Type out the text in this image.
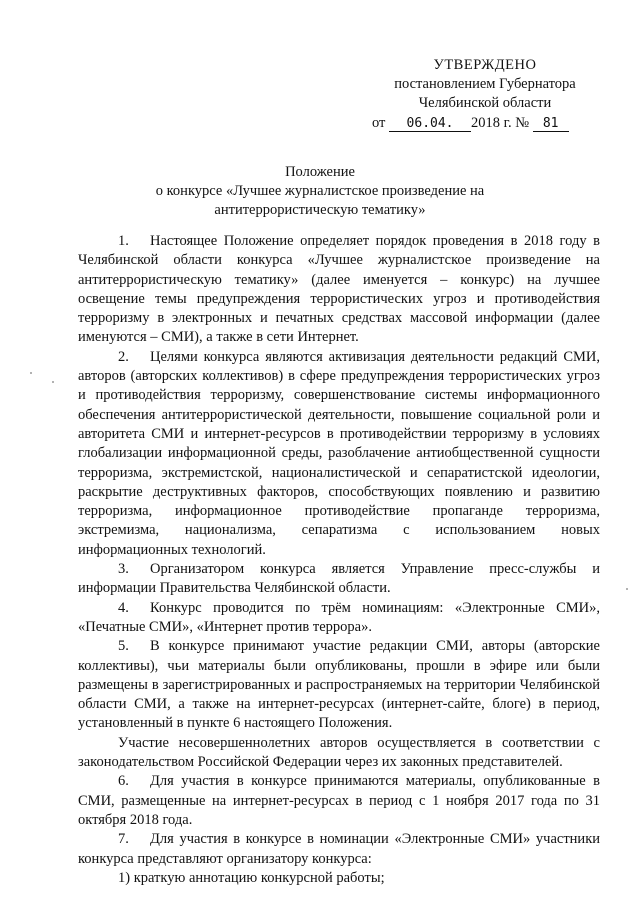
УТВЕРЖДЕНО
постановлением Губернатора
Челябинской области
от 06.04. 2018 г. № 81
Положение
о конкурсе «Лучшее журналистское произведение на
антитеррористическую тематику»

1. Настоящее Положение определяет порядок проведения в 2018 году в Челябинской области конкурса «Лучшее журналистское произведение на антитеррористическую тематику» (далее именуется – конкурс) на лучшее освещение темы предупреждения террористических угроз и противодействия терроризму в электронных и печатных средствах массовой информации (далее именуются – СМИ), а также в сети Интернет.

2. Целями конкурса являются активизация деятельности редакций СМИ, авторов (авторских коллективов) в сфере предупреждения террористических угроз и противодействия терроризму, совершенствование системы информационного обеспечения антитеррористической деятельности, повышение социальной роли и авторитета СМИ и интернет-ресурсов в противодействии терроризму в условиях глобализации информационной среды, разоблачение антиобщественной сущности терроризма, экстремистской, националистической и сепаратистской идеологии, раскрытие деструктивных факторов, способствующих появлению и развитию терроризма, информационное противодействие пропаганде терроризма, экстремизма, национализма, сепаратизма с использованием новых информационных технологий.

3. Организатором конкурса является Управление пресс-службы и информации Правительства Челябинской области.

4. Конкурс проводится по трём номинациям: «Электронные СМИ», «Печатные СМИ», «Интернет против террора».

5. В конкурсе принимают участие редакции СМИ, авторы (авторские коллективы), чьи материалы были опубликованы, прошли в эфире или были размещены в зарегистрированных и распространяемых на территории Челябинской области СМИ, а также на интернет-ресурсах (интернет-сайте, блоге) в период, установленный в пункте 6 настоящего Положения.

Участие несовершеннолетних авторов осуществляется в соответствии с законодательством Российской Федерации через их законных представителей.

6. Для участия в конкурсе принимаются материалы, опубликованные в СМИ, размещенные на интернет-ресурсах в период с 1 ноября 2017 года по 31 октября 2018 года.

7. Для участия в конкурсе в номинации «Электронные СМИ» участники конкурса представляют организатору конкурса:

1) краткую аннотацию конкурсной работы;
